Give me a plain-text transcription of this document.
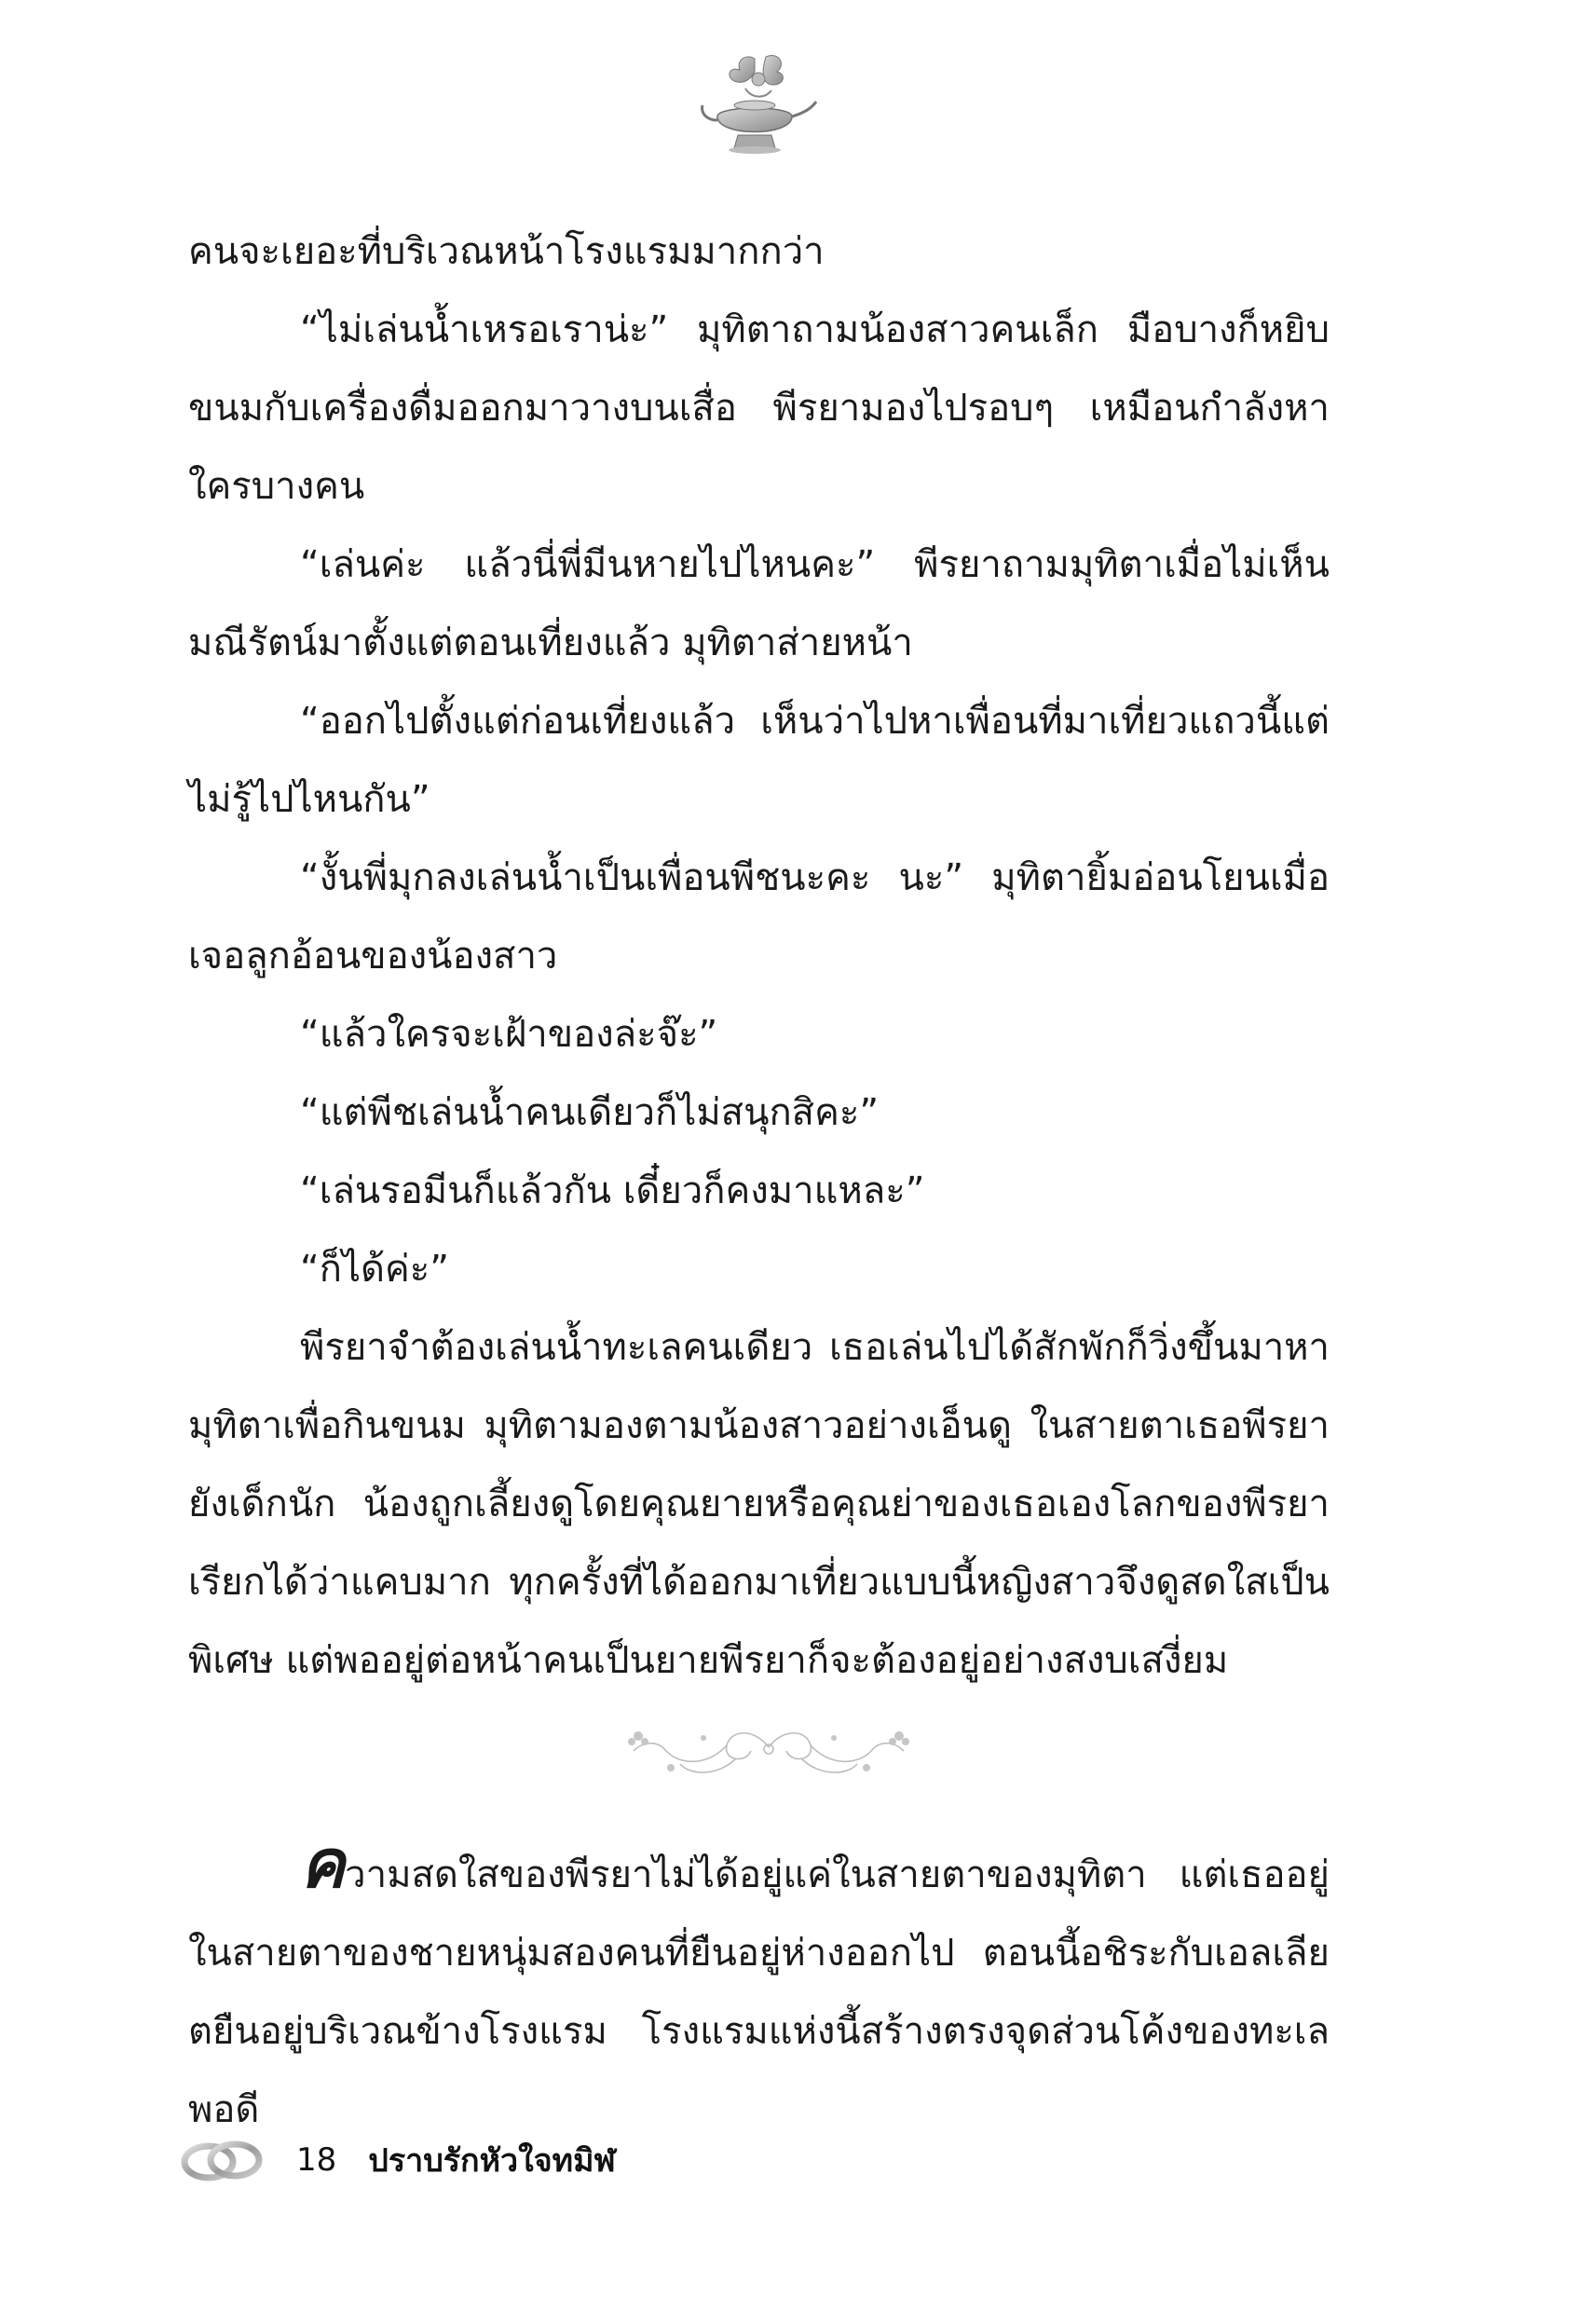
คนจะเยอะที่บริเวณหน้าโรงแรมมากกว่า

“ไม่เล่นน้ำเหรอเราน่ะ” มุทิตาถามน้องสาวคนเล็ก มือบางก็หยิบขนมกับเครื่องดื่มออกมาวางบนเสื่อ พีรยามองไปรอบๆ เหมือนกำลังหาใครบางคน

“เล่นค่ะ แล้วนี่พี่มีนหายไปไหนคะ” พีรยาถามมุทิตาเมื่อไม่เห็นมณีรัตน์มาตั้งแต่ตอนเที่ยงแล้ว มุทิตาส่ายหน้า

“ออกไปตั้งแต่ก่อนเที่ยงแล้ว เห็นว่าไปหาเพื่อนที่มาเที่ยวแถวนี้แต่ไม่รู้ไปไหนกัน”

“งั้นพี่มุกลงเล่นน้ำเป็นเพื่อนพีชนะคะ นะ” มุทิตายิ้มอ่อนโยนเมื่อเจอลูกอ้อนของน้องสาว

“แล้วใครจะเฝ้าของล่ะจ๊ะ”

“แต่พีชเล่นน้ำคนเดียวก็ไม่สนุกสิคะ”

“เล่นรอมีนก็แล้วกัน เดี๋ยวก็คงมาแหละ”

“ก็ได้ค่ะ”

พีรยาจำต้องเล่นน้ำทะเลคนเดียว เธอเล่นไปได้สักพักก็วิ่งขึ้นมาหามุทิตาเพื่อกินขนม มุทิตามองตามน้องสาวอย่างเอ็นดู ในสายตาเธอพีรยายังเด็กนัก น้องถูกเลี้ยงดูโดยคุณยายหรือคุณย่าของเธอเองโลกของพีรยาเรียกได้ว่าแคบมาก ทุกครั้งที่ได้ออกมาเที่ยวแบบนี้หญิงสาวจึงดูสดใสเป็นพิเศษ แต่พออยู่ต่อหน้าคนเป็นยายพีรยาก็จะต้องอยู่อย่างสงบเสงี่ยม

ความสดใสของพีรยาไม่ได้อยู่แค่ในสายตาของมุทิตา แต่เธออยู่ในสายตาของชายหนุ่มสองคนที่ยืนอยู่ห่างออกไป ตอนนี้อชิระกับเอลเลียตยืนอยู่บริเวณข้างโรงแรม โรงแรมแห่งนี้สร้างตรงจุดส่วนโค้งของทะเลพอดี

18 ปราบรักหัวใจทมิฬ
